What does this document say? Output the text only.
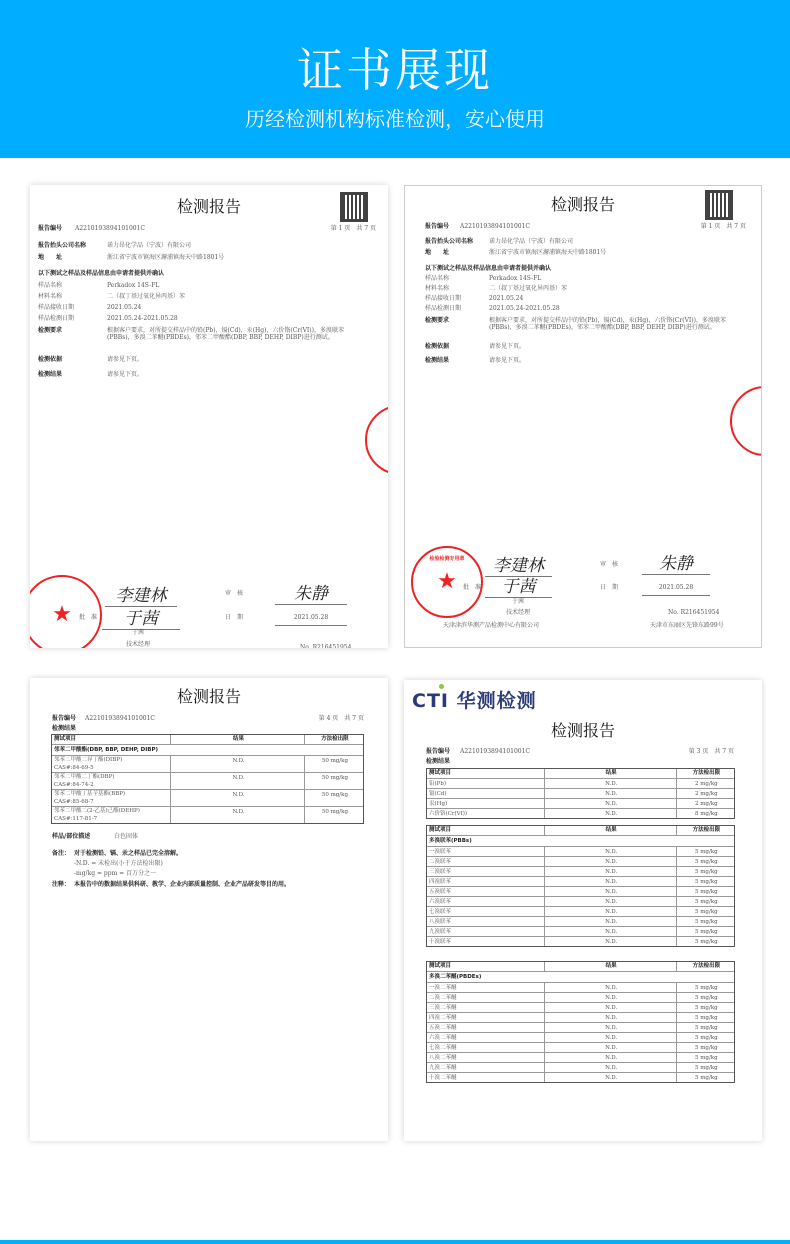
证书展现

历经检测机构标准检测，安心使用

检测报告
报告编号 A2210193894101001C	第 1 页　共 7 页
报告抬头公司名称	诺力昂化学品（宁波）有限公司
地　　址	浙江省宁波市镇海区澥浦镇海天中路1801号
以下测试之样品及样品信息由申请者提供并确认
样品名称	Perkadox 14S-FL
材料名称	二（叔丁基过氧化异丙基）苯
样品接收日期	2021.05.24
样品检测日期	2021.05.24-2021.05.28
检测要求	根据客户要求，对所提交样品中的铅(Pb)，镉(Cd)，汞(Hg)，六价铬(Cr(VI))，多溴联苯(PBBs)，多溴二苯醚(PBDEs)，邻苯二甲酸酯(DBP, BBP, DEHP, DIBP)进行测试。
检测依据	请参见下页。
检测结果	请参见下页。
★ 批　准
李建林
于茜
于茜
技术经理
审　核	朱静
日　期	2021.05.28
No. R216451954
检测报告
报告编号 A2210193894101001C	第 1 页　共 7 页
报告抬头公司名称	诺力昂化学品（宁波）有限公司
地　　址	浙江省宁波市镇海区澥浦镇海天中路1801号
以下测试之样品及样品信息由申请者提供并确认
样品名称	Perkadox 14S-FL
材料名称	二（叔丁基过氧化异丙基）苯
样品接收日期	2021.05.24
样品检测日期	2021.05.24-2021.05.28
检测要求	根据客户要求，对所提交样品中的铅(Pb)，镉(Cd)，汞(Hg)，六价铬(Cr(VI))，多溴联苯(PBBs)，多溴二苯醚(PBDEs)，邻苯二甲酸酯(DBP, BBP, DEHP, DIBP)进行测试。
检测依据	请参见下页。
检测结果	请参见下页。
★
检验检测专用章
批　准
李建林
于茜
于茜
技术经理
天津津滨华测产品检测中心有限公司
审　核	朱静
日　期	2021.05.28
No. R216451954
天津市东丽区先锋东路99号
检测报告
报告编号 A2210193894101001C	第 4 页　共 7 页
检测结果
测试项目	结果	方法检出限
邻苯二甲酸酯(DBP, BBP, DEHP, DIBP)
邻苯二甲酸二异丁酯(DIBP)
CAS#:84-69-5
N.D.	50 mg/kg
邻苯二甲酸二丁酯(DBP)
CAS#:84-74-2
N.D.	50 mg/kg
邻苯二甲酸丁基苄基酯(BBP)
CAS#:85-68-7
N.D.	50 mg/kg
邻苯二甲酸二(2-乙基)己酯(DEHP)
CAS#:117-81-7
N.D.	50 mg/kg
样品/部位描述	白色固体
备注： 对于检测铅、镉、汞之样品已完全溶解。
-N.D. = 未检出(小于方法检出限)
-mg/kg = ppm = 百万分之一
注释： 本报告中的数据结果供科研、教学、企业内部质量控制、企业产品研发等目的用。
CTI 华测检测
检测报告
报告编号 A2210193894101001C	第 3 页　共 7 页
检测结果
测试项目	结果	方法检出限
铅(Pb)	N.D.	2 mg/kg
镉(Cd)	N.D.	2 mg/kg
汞(Hg)	N.D.	2 mg/kg
六价铬(Cr(VI))	N.D.	8 mg/kg
测试项目	结果	方法检出限
多溴联苯(PBBs)
一溴联苯	N.D.	5 mg/kg
二溴联苯	N.D.	5 mg/kg
三溴联苯	N.D.	5 mg/kg
四溴联苯	N.D.	5 mg/kg
五溴联苯	N.D.	5 mg/kg
六溴联苯	N.D.	5 mg/kg
七溴联苯	N.D.	5 mg/kg
八溴联苯	N.D.	5 mg/kg
九溴联苯	N.D.	5 mg/kg
十溴联苯	N.D.	5 mg/kg
测试项目	结果	方法检出限
多溴二苯醚(PBDEs)
一溴二苯醚	N.D.	5 mg/kg
二溴二苯醚	N.D.	5 mg/kg
三溴二苯醚	N.D.	5 mg/kg
四溴二苯醚	N.D.	5 mg/kg
五溴二苯醚	N.D.	5 mg/kg
六溴二苯醚	N.D.	5 mg/kg
七溴二苯醚	N.D.	5 mg/kg
八溴二苯醚	N.D.	5 mg/kg
九溴二苯醚	N.D.	5 mg/kg
十溴二苯醚	N.D.	5 mg/kg
